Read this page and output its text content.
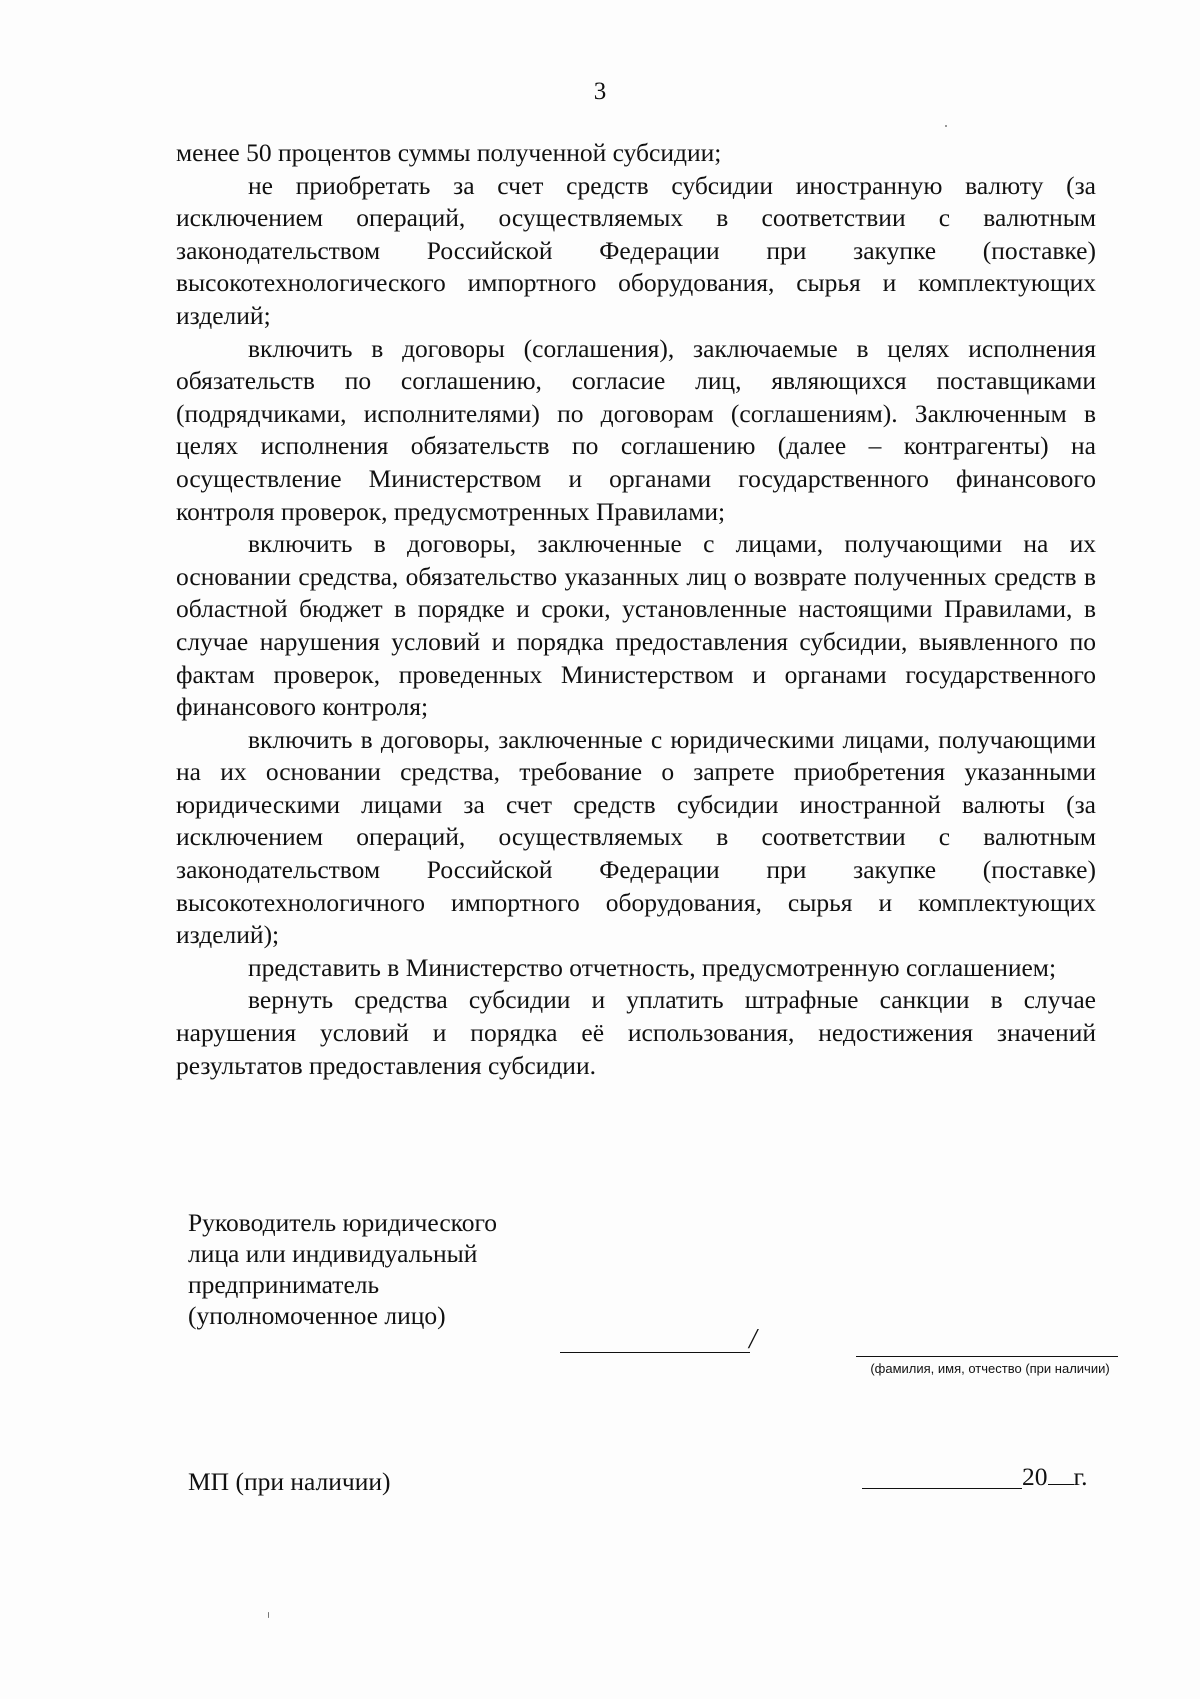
3

менее 50 процентов суммы полученной субсидии;

не приобретать за счет средств субсидии иностранную валюту (за исключением операций, осуществляемых в соответствии с валютным законодательством Российской Федерации при закупке (поставке) высокотехнологического импортного оборудования, сырья и комплектующих изделий;

включить в договоры (соглашения), заключаемые в целях исполнения обязательств по соглашению, согласие лиц, являющихся поставщиками (подрядчиками, исполнителями) по договорам (соглашениям). Заключенным в целях исполнения обязательств по соглашению (далее – контрагенты) на осуществление Министерством и органами государственного финансового контроля проверок, предусмотренных Правилами;

включить в договоры, заключенные с лицами, получающими на их основании средства, обязательство указанных лиц о возврате полученных средств в областной бюджет в порядке и сроки, установленные настоящими Правилами, в случае нарушения условий и порядка предоставления субсидии, выявленного по фактам проверок, проведенных Министерством и органами государственного финансового контроля;

включить в договоры, заключенные с юридическими лицами, получающими на их основании средства, требование о запрете приобретения указанными юридическими лицами за счет средств субсидии иностранной валюты (за исключением операций, осуществляемых в соответствии с валютным законодательством Российской Федерации при закупке (поставке) высокотехнологичного импортного оборудования, сырья и комплектующих изделий);

представить в Министерство отчетность, предусмотренную соглашением;

вернуть средства субсидии и уплатить штрафные санкции в случае нарушения условий и порядка её использования, недостижения значений результатов предоставления субсидии.

Руководитель юридического
лица или индивидуальный
предприниматель
(уполномоченное лицо)
/
(фамилия, имя, отчество (при наличии)
МП (при наличии)	20 г.
